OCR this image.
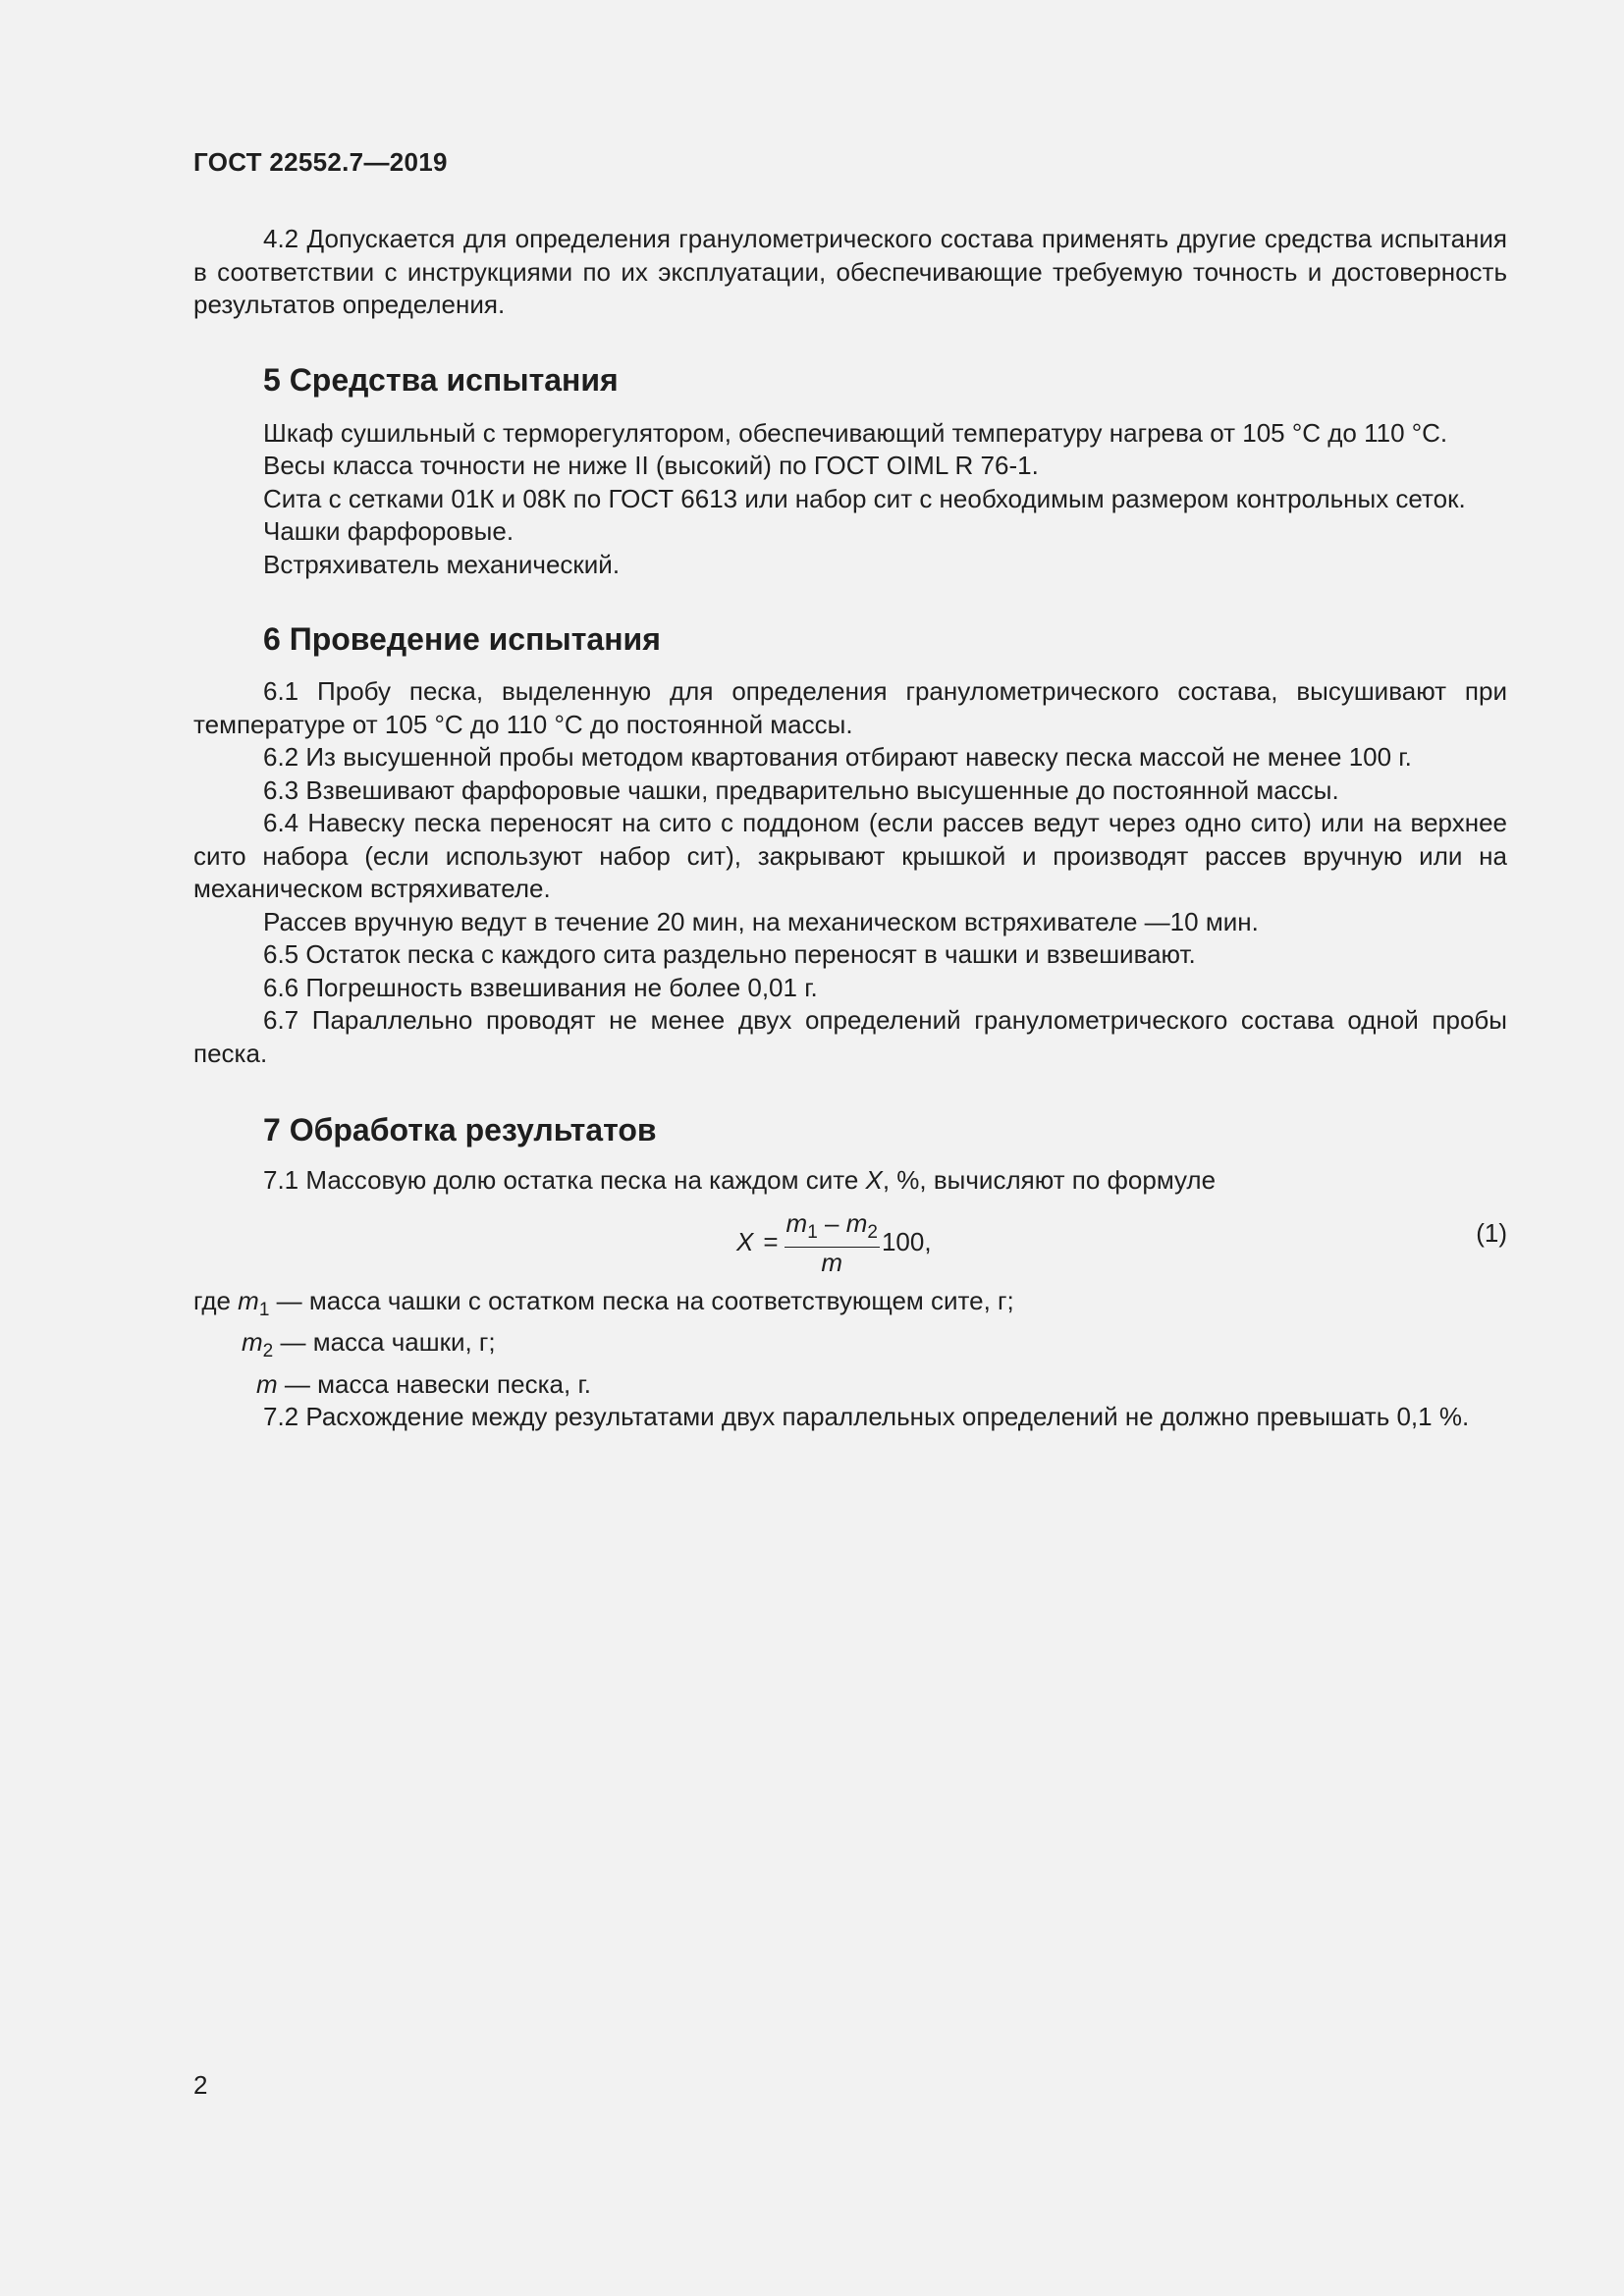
ГОСТ 22552.7—2019

4.2 Допускается для определения гранулометрического состава применять другие средства испытания в соответствии с инструкциями по их эксплуатации, обеспечивающие требуемую точность и достоверность результатов определения.

5 Средства испытания

Шкаф сушильный с терморегулятором, обеспечивающий температуру нагрева от 105 °С до 110 °С.

Весы класса точности не ниже II (высокий) по ГОСТ OIML R 76-1.

Сита с сетками 01К и 08К по ГОСТ 6613 или набор сит с необходимым размером контрольных сеток.

Чашки фарфоровые.

Встряхиватель механический.

6 Проведение испытания

6.1 Пробу песка, выделенную для определения гранулометрического состава, высушивают при температуре от 105 °С до 110 °С до постоянной массы.

6.2 Из высушенной пробы методом квартования отбирают навеску песка массой не менее 100 г.

6.3 Взвешивают фарфоровые чашки, предварительно высушенные до постоянной массы.

6.4 Навеску песка переносят на сито с поддоном (если рассев ведут через одно сито) или на верхнее сито набора (если используют набор сит), закрывают крышкой и производят рассев вручную или на механическом встряхивателе.

Рассев вручную ведут в течение 20 мин, на механическом встряхивателе —10 мин.

6.5 Остаток песка с каждого сита раздельно переносят в чашки и взвешивают.

6.6 Погрешность взвешивания не более 0,01 г.

6.7 Параллельно проводят не менее двух определений гранулометрического состава одной пробы песка.

7 Обработка результатов

7.1 Массовую долю остатка песка на каждом сите X, %, вычисляют по формуле

$X = \frac{m_1 - m_2}{m} 100$,	(1)

где $m_1$ — масса чашки с остатком песка на соответствующем сите, г;

$m_2$ — масса чашки, г;

m — масса навески песка, г.

7.2 Расхождение между результатами двух параллельных определений не должно превышать 0,1 %.

2
